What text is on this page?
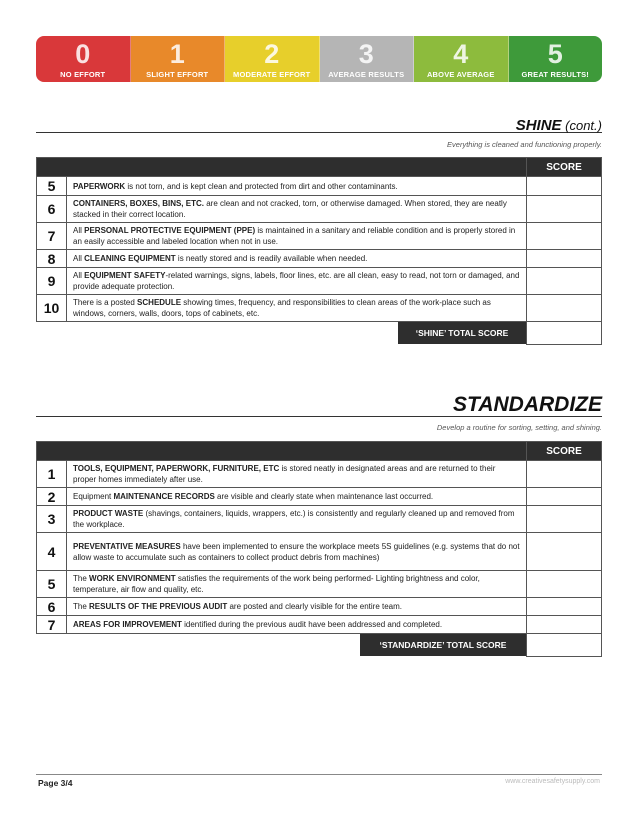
0
NO EFFORT
1
SLIGHT EFFORT
2
MODERATE EFFORT
3
AVERAGE RESULTS
4
ABOVE AVERAGE
5
GREAT RESULTS!
SHINE (cont.)
Everything is cleaned and functioning properly.
		SCORE
5	PAPERWORK is not torn, and is kept clean and protected from dirt and other contaminants.	
6	CONTAINERS, BOXES, BINS, ETC. are clean and not cracked, torn, or otherwise damaged. When stored, they are neatly stacked in their correct location.	
7	All PERSONAL PROTECTIVE EQUIPMENT (PPE) is maintained in a sanitary and reliable condition and is properly stored in an easily accessible and labeled location when not in use.	
8	All CLEANING EQUIPMENT is neatly stored and is readily available when needed.	
9	All EQUIPMENT SAFETY-related warnings, signs, labels, floor lines, etc. are all clean, easy to read, not torn or damaged, and provide adequate protection.	
10	There is a posted SCHEDULE showing times, frequency, and responsibilities to clean areas of the work-place such as windows, corners, walls, doors, tops of cabinets, etc.	
	‘SHINE’ TOTAL SCORE	
STANDARDIZE
Develop a routine for sorting, setting, and shining.
		SCORE
1	TOOLS, EQUIPMENT, PAPERWORK, FURNITURE, ETC is stored neatly in designated areas and are returned to their proper homes immediately after use.	
2	Equipment MAINTENANCE RECORDS are visible and clearly state when maintenance last occurred.	
3	PRODUCT WASTE (shavings, containers, liquids, wrappers, etc.) is consistently and regularly cleaned up and removed from the workplace.	
4	PREVENTATIVE MEASURES have been implemented to ensure the workplace meets 5S guidelines (e.g. systems that do not allow waste to accumulate such as containers to collect product debris from machines)	
5	The WORK ENVIRONMENT satisfies the requirements of the work being performed- Lighting brightness and color, temperature, air flow and quality, etc.	
6	The RESULTS OF THE PREVIOUS AUDIT are posted and clearly visible for the entire team.	
7	AREAS FOR IMPROVEMENT identified during the previous audit have been addressed and completed.	
	‘STANDARDIZE’ TOTAL SCORE	
Page 3/4	www.creativesafetysupply.com
